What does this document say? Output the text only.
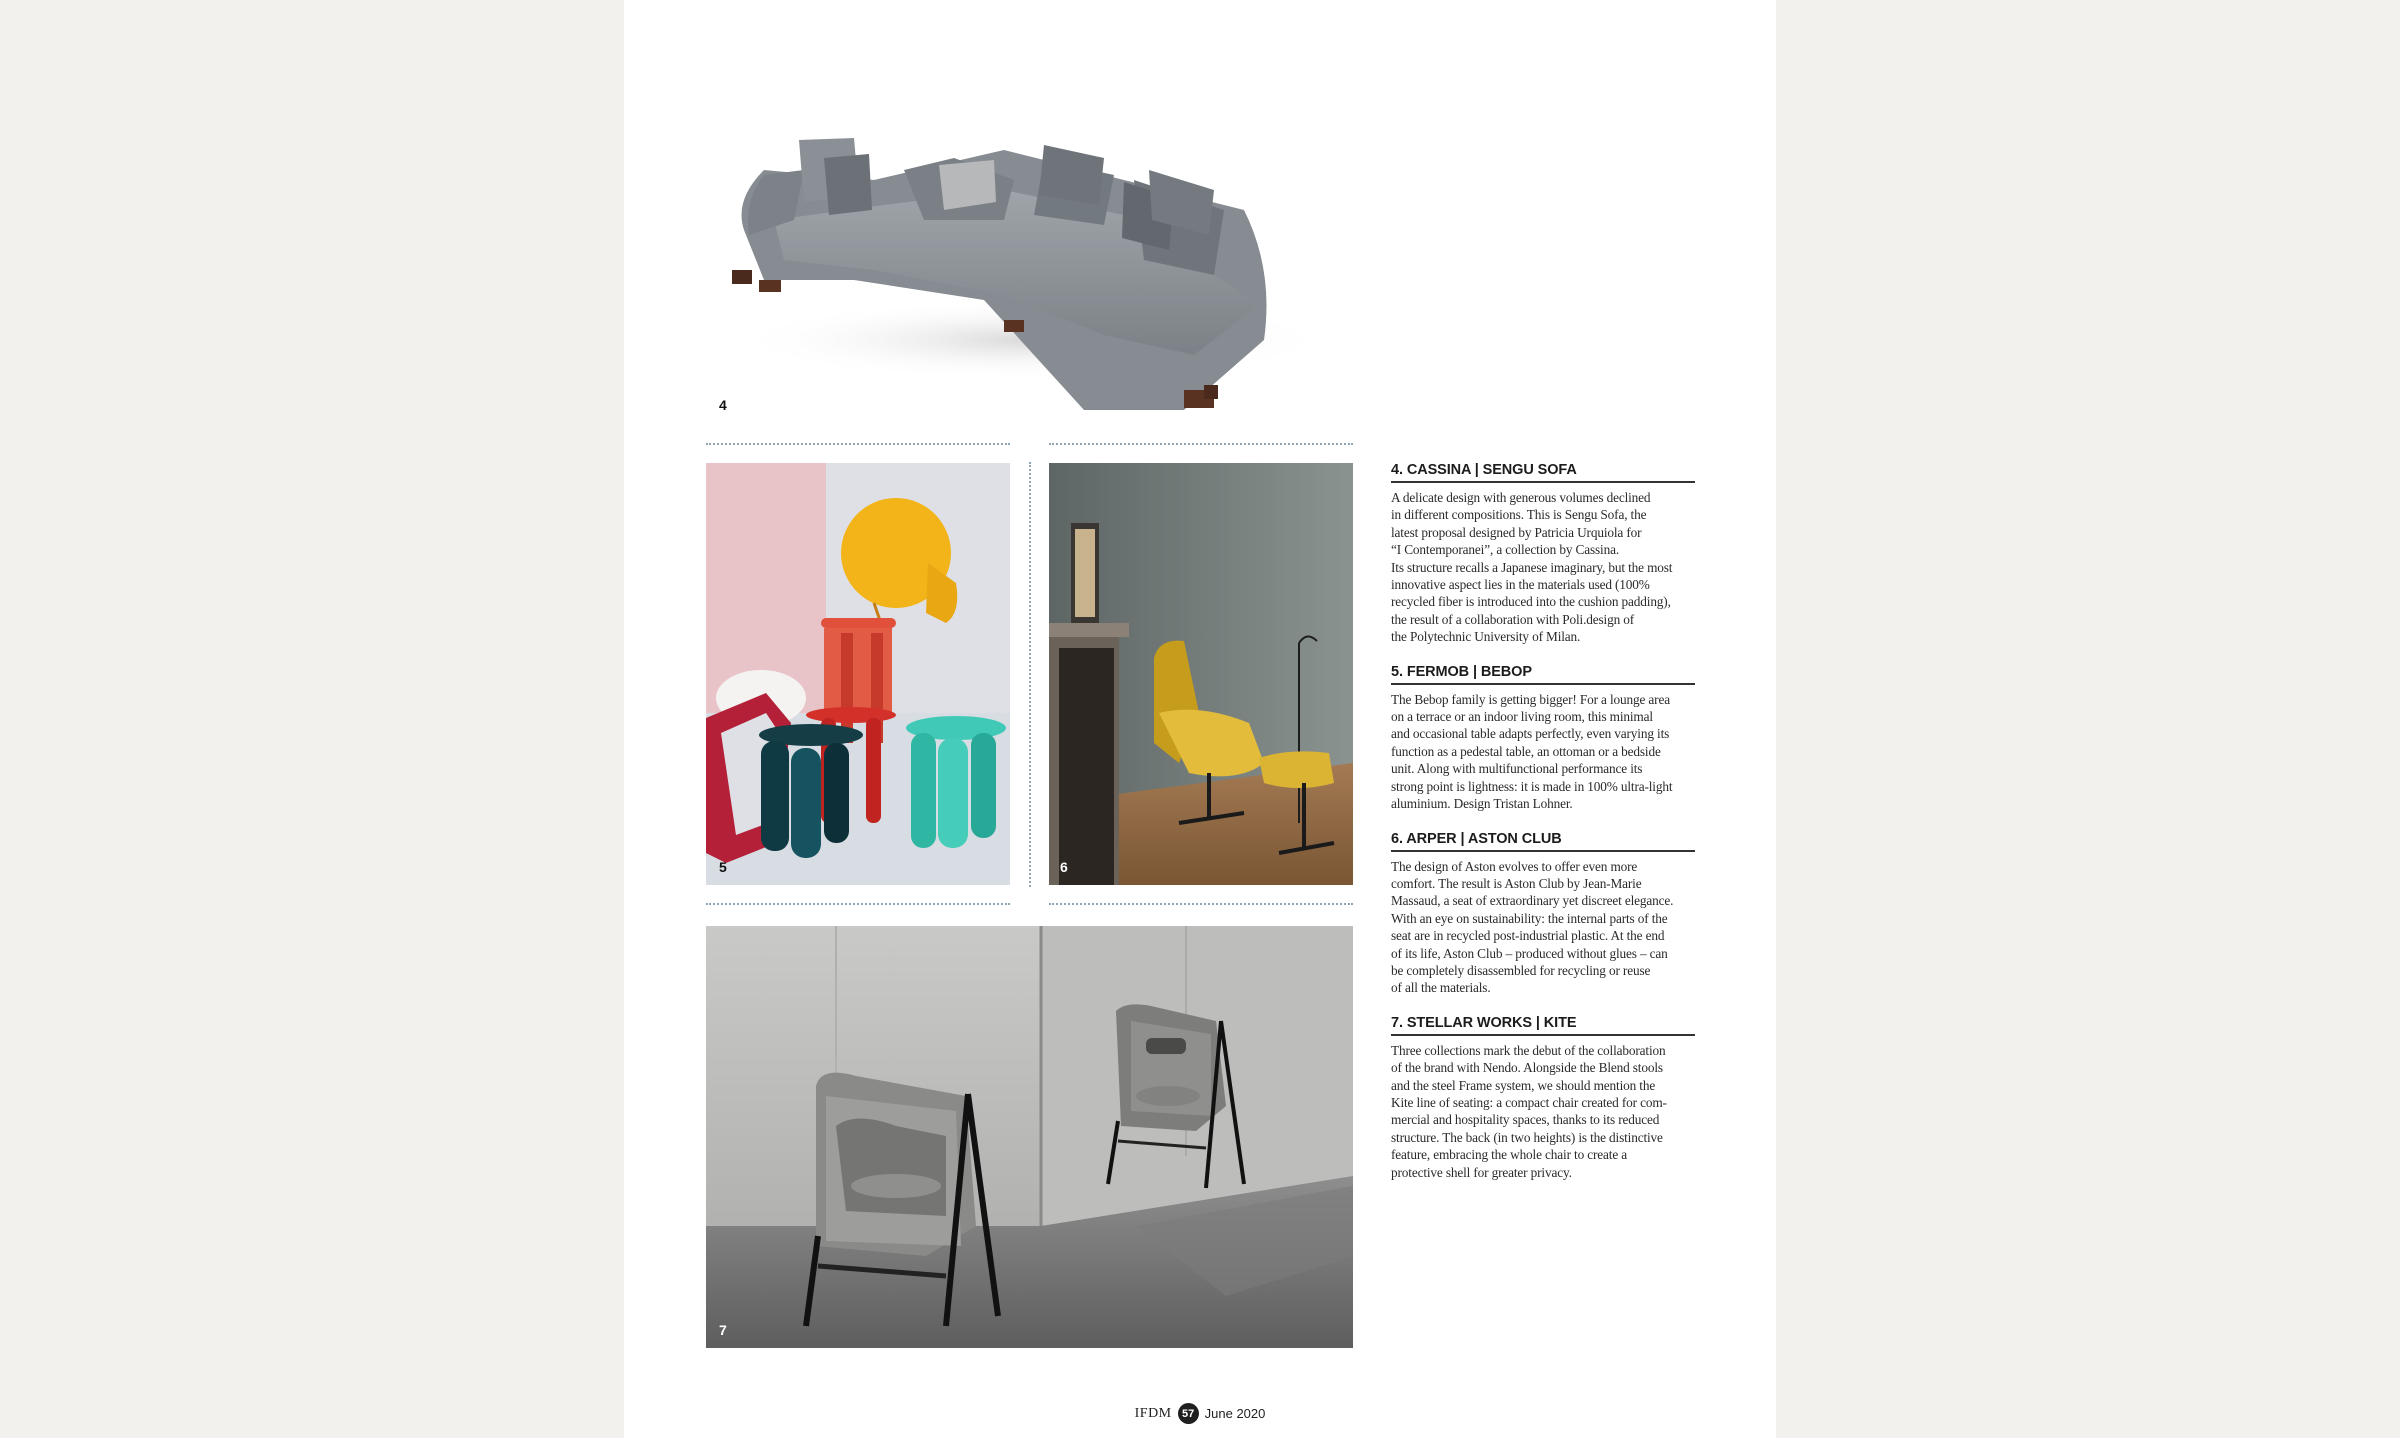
4
5	6
7
4. CASSINA | SENGU SOFA

A delicate design with generous volumes declined
in different compositions. This is Sengu Sofa, the
latest proposal designed by Patricia Urquiola for
“I Contemporanei”, a collection by Cassina.
Its structure recalls a Japanese imaginary, but the most
innovative aspect lies in the materials used (100%
recycled fiber is introduced into the cushion padding),
the result of a collaboration with Poli.design of
the Polytechnic University of Milan.

5. FERMOB | BEBOP

The Bebop family is getting bigger! For a lounge area
on a terrace or an indoor living room, this minimal
and occasional table adapts perfectly, even varying its
function as a pedestal table, an ottoman or a bedside
unit. Along with multifunctional performance its
strong point is lightness: it is made in 100% ultra-light
aluminium. Design Tristan Lohner.

6. ARPER | ASTON CLUB

The design of Aston evolves to offer even more
comfort. The result is Aston Club by Jean-Marie
Massaud, a seat of extraordinary yet discreet elegance.
With an eye on sustainability: the internal parts of the
seat are in recycled post-industrial plastic. At the end
of its life, Aston Club – produced without glues – can
be completely disassembled for recycling or reuse
of all the materials.

7. STELLAR WORKS | KITE

Three collections mark the debut of the collaboration
of the brand with Nendo. Alongside the Blend stools
and the steel Frame system, we should mention the
Kite line of seating: a compact chair created for com-
mercial and hospitality spaces, thanks to its reduced
structure. The back (in two heights) is the distinctive
feature, embracing the whole chair to create a
protective shell for greater privacy.

IFDM 57 June 2020
